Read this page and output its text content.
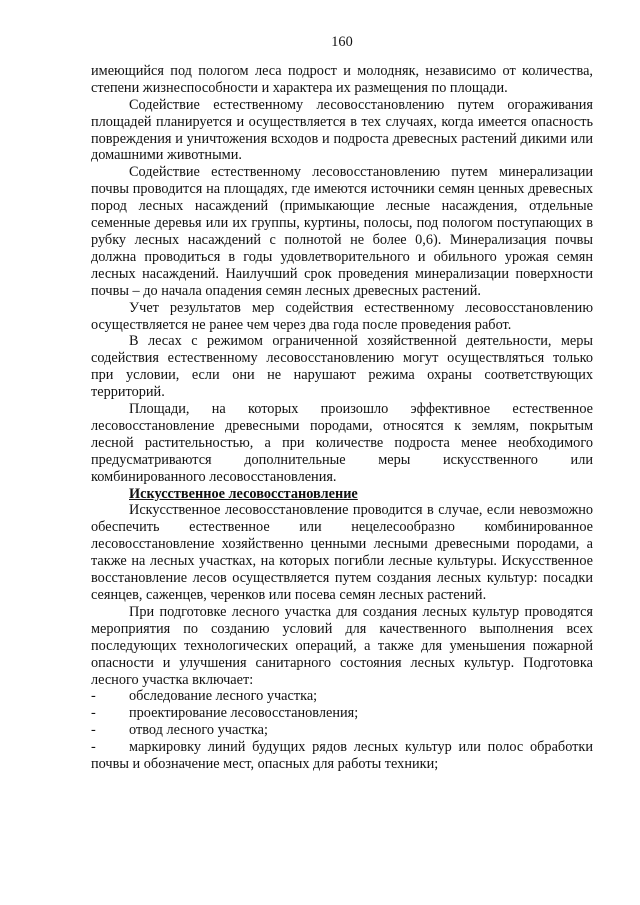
160

имеющийся под пологом леса подрост и молодняк, независимо от количества, степени жизнеспособности и характера их размещения по площади.

Содействие естественному лесовосстановлению путем огораживания площадей планируется и осуществляется в тех случаях, когда имеется опасность повреждения и уничтожения всходов и подроста древесных растений дикими или домашними животными.

Содействие естественному лесовосстановлению путем минерализации почвы проводится на площадях, где имеются источники семян ценных древесных пород лесных насаждений (примыкающие лесные насаждения, отдельные семенные деревья или их группы, куртины, полосы, под пологом поступающих в рубку лесных насаждений с полнотой не более 0,6). Минерализация почвы должна проводиться в годы удовлетворительного и обильного урожая семян лесных насаждений. Наилучший срок проведения минерализации поверхности почвы – до начала опадения семян лесных древесных растений.

Учет результатов мер содействия естественному лесовосстановлению осуществляется не ранее чем через два года после проведения работ.

В лесах с режимом ограниченной хозяйственной деятельности, меры содействия естественному лесовосстановлению могут осуществляться только при условии, если они не нарушают режима охраны соответствующих территорий.

Площади, на которых произошло эффективное естественное лесовосстановление древесными породами, относятся к землям, покрытым лесной растительностью, а при количестве подроста менее необходимого предусматриваются дополнительные меры искусственного или комбинированного лесовосстановления.

Искусственное лесовосстановление

Искусственное лесовосстановление проводится в случае, если невозможно обеспечить естественное или нецелесообразно комбинированное лесовосстановление хозяйственно ценными лесными древесными породами, а также на лесных участках, на которых погибли лесные культуры. Искусственное восстановление лесов осуществляется путем создания лесных культур: посадки сеянцев, саженцев, черенков или посева семян лесных растений.

При подготовке лесного участка для создания лесных культур проводятся мероприятия по созданию условий для качественного выполнения всех последующих технологических операций, а также для уменьшения пожарной опасности и улучшения санитарного состояния лесных культур. Подготовка лесного участка включает:

- обследование лесного участка;
- проектирование лесовосстановления;
- отвод лесного участка;
- маркировку линий будущих рядов лесных культур или полос обработки почвы и обозначение мест, опасных для работы техники;
